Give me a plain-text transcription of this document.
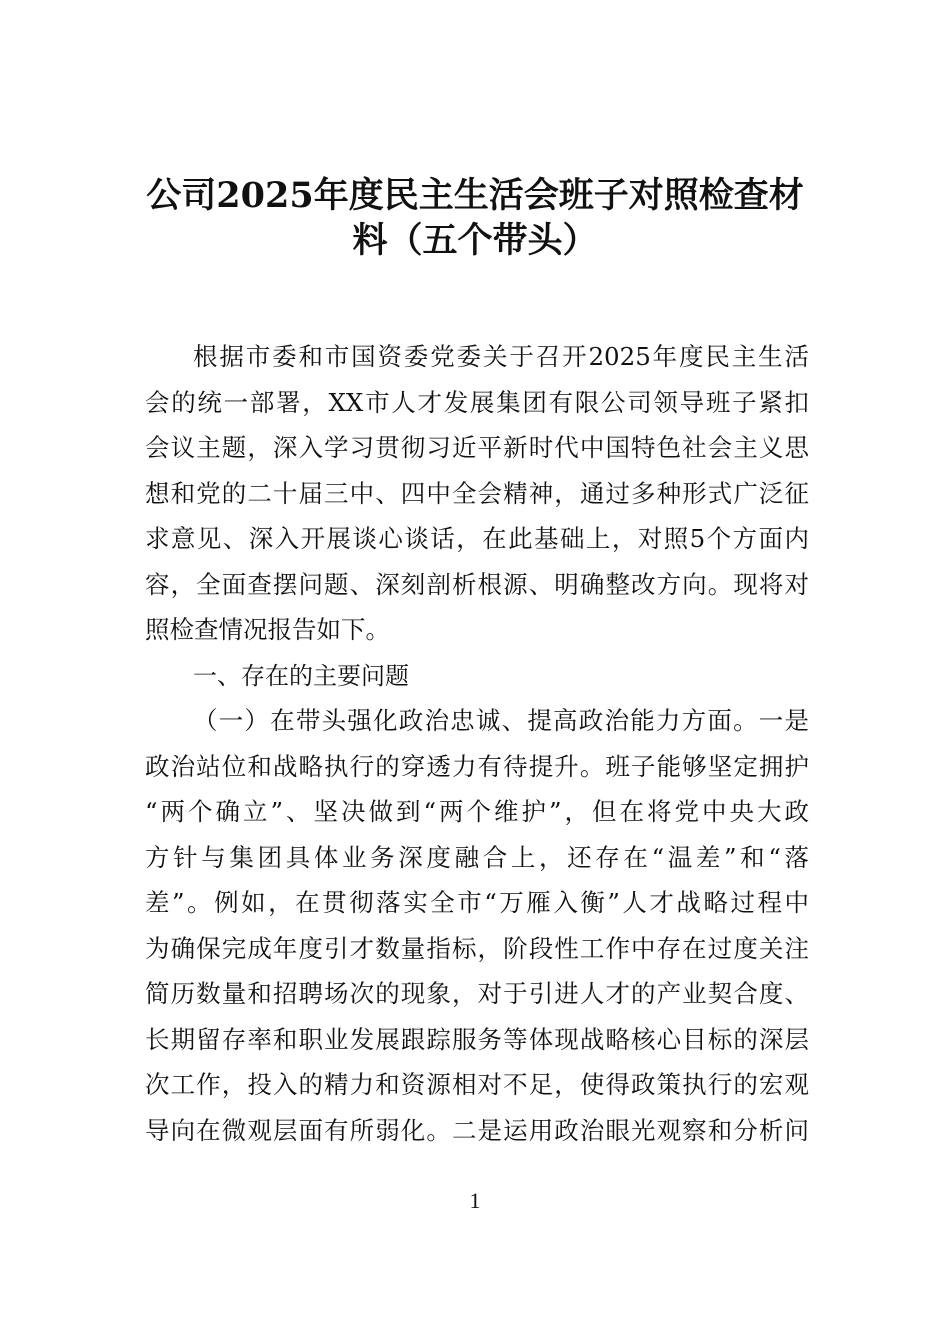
公司2025年度民主生活会班子对照检查材
料（五个带头）
根据市委和市国资委党委关于召开2025年度民主生活
会的统一部署，XX市人才发展集团有限公司领导班子紧扣
会议主题，深入学习贯彻习近平新时代中国特色社会主义思
想和党的二十届三中、四中全会精神，通过多种形式广泛征
求意见、深入开展谈心谈话，在此基础上，对照5个方面内
容，全面查摆问题、深刻剖析根源、明确整改方向。现将对
照检查情况报告如下。
一、存在的主要问题
（一）在带头强化政治忠诚、提高政治能力方面。一是
政治站位和战略执行的穿透力有待提升。班子能够坚定拥护
“两个确立”、坚决做到“两个维护”，但在将党中央大政
方针与集团具体业务深度融合上，还存在“温差”和“落
差”。例如，在贯彻落实全市“万雁入衡”人才战略过程中
为确保完成年度引才数量指标，阶段性工作中存在过度关注
简历数量和招聘场次的现象，对于引进人才的产业契合度、
长期留存率和职业发展跟踪服务等体现战略核心目标的深层
次工作，投入的精力和资源相对不足，使得政策执行的宏观
导向在微观层面有所弱化。二是运用政治眼光观察和分析问
1
